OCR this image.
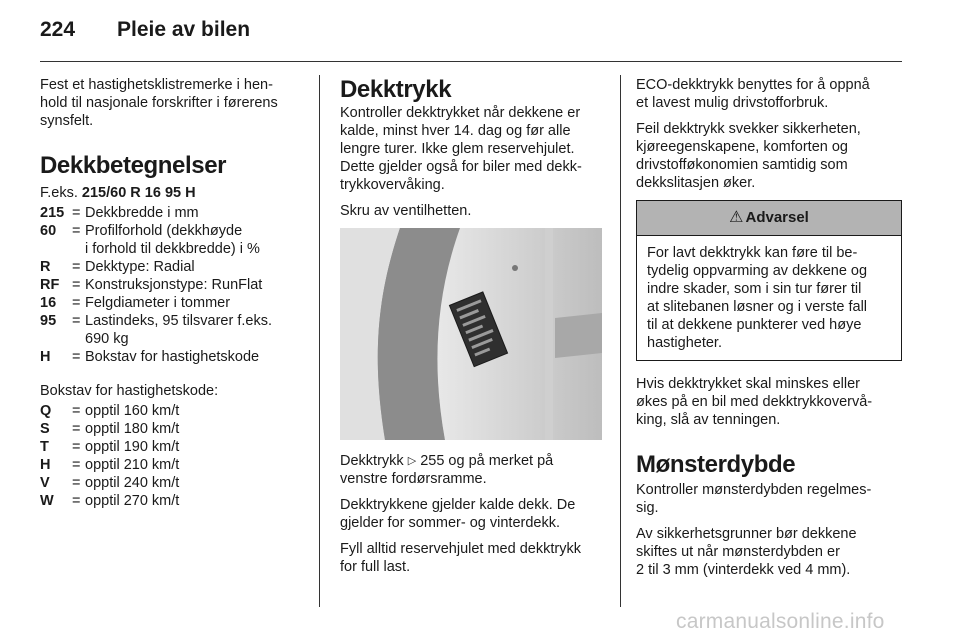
224 Pleie av bilen

Fest et hastighetsklistremerke i hen-
hold til nasjonale forskrifter i førerens
synsfelt.

Dekkbetegnelser

F.eks. 215/60 R 16 95 H

215	=	Dekkbredde i mm
60	=	Profilforhold (dekkhøyde
i forhold til dekkbredde) i %
R	=	Dekktype: Radial
RF	=	Konstruksjonstype: RunFlat
16	=	Felgdiameter i tommer
95	=	Lastindeks, 95 tilsvarer f.eks.
690 kg
H	=	Bokstav for hastighetskode

Bokstav for hastighetskode:

Q	=	opptil 160 km/t
S	=	opptil 180 km/t
T	=	opptil 190 km/t
H	=	opptil 210 km/t
V	=	opptil 240 km/t
W	=	opptil 270 km/t
Dekktrykk

Kontroller dekktrykket når dekkene er
kalde, minst hver 14. dag og før alle
lengre turer. Ikke glem reservehjulet.
Dette gjelder også for biler med dekk-
trykkovervåking.

Skru av ventilhetten.

Dekktrykk ▷ 255 og på merket på
venstre fordørsramme.

Dekktrykkene gjelder kalde dekk. De
gjelder for sommer- og vinterdekk.

Fyll alltid reservehjulet med dekktrykk
for full last.

ECO-dekktrykk benyttes for å oppnå
et lavest mulig drivstofforbruk.

Feil dekktrykk svekker sikkerheten,
kjøreegenskapene, komforten og
drivstofføkonomien samtidig som
dekkslitasjen øker.

⚠ Advarsel
For lavt dekktrykk kan føre til be-
tydelig oppvarming av dekkene og
indre skader, som i sin tur fører til
at slitebanen løsner og i verste fall
til at dekkene punkterer ved høye
hastigheter.

Hvis dekktrykket skal minskes eller
økes på en bil med dekktrykkovervå-
king, slå av tenningen.

Mønsterdybde

Kontroller mønsterdybden regelmes-
sig.

Av sikkerhetsgrunner bør dekkene
skiftes ut når mønsterdybden er
2 til 3 mm (vinterdekk ved 4 mm).

carmanualsonline.info
